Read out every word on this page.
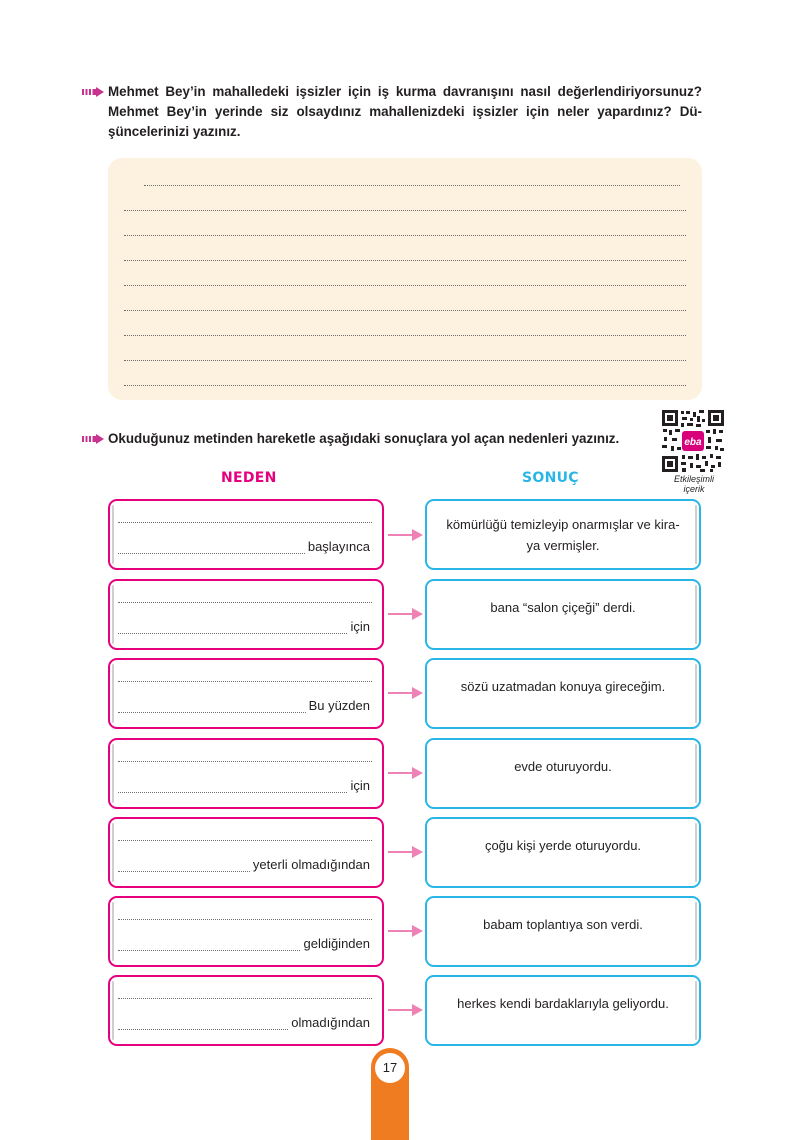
Mehmet Bey’in mahalledeki işsizler için iş kurma davranışını nasıl değerlendiriyorsunuz?
Mehmet Bey’in yerinde siz olsaydınız mahallenizdeki işsizler için neler yapardınız? Dü-
şüncelerinizi yazınız.
Okuduğunuz metinden hareketle aşağıdaki sonuçlara yol açan nedenleri yazınız.	eba
Etkileşimli
içerik
NEDEN	SONUÇ
başlayınca
kömürlüğü temizleyip onarmışlar ve kira-ya vermişler.
için
bana “salon çiçeği” derdi.
Bu yüzden
sözü uzatmadan konuya gireceğim.
için
evde oturuyordu.
yeterli olmadığından
çoğu kişi yerde oturuyordu.
geldiğinden
babam toplantıya son verdi.
olmadığından
herkes kendi bardaklarıyla geliyordu.
17
